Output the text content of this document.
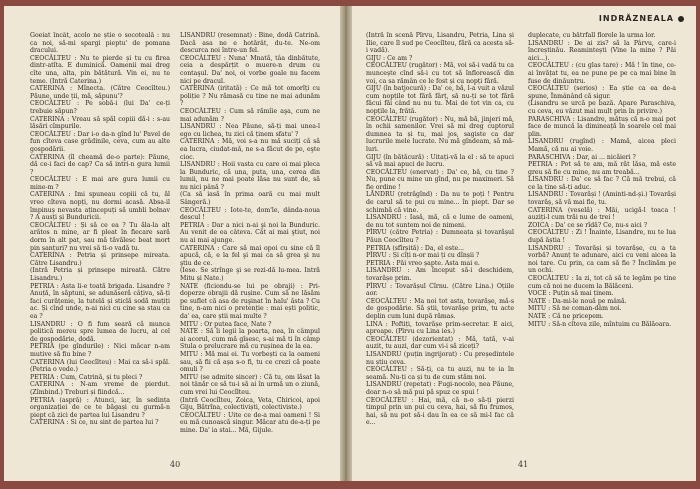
Goeiat încât, acolo ne știe o socoteală : nu ca noi, să-mi spargi pieptu' de pomana dracului.

CEOCÂLTEU : Nu te pierde și tu cu firea dintr-atîta. E duminică. Oamenii mai dreg cîte una, alta, pin bătătură. Vin ei, nu te teme. (Intră Caterina.)

CATERINA : Mînecta. (Către Ceocîlteu.) Păune, unde ții, mă, săpunu'?

CEOCÂLTEU : Pe sobă-i (lui Da' ce-ți trebuie săpun?

CATERINA : Vreau să spăl copiii dă-i : s-au lăsări cîmpurile.

CEOCÂLTEU : Dar i-o da-n gînd lu' Pavel de fun cîteva case grădinile, ceva, cum au alte gospodării.

CATERINA (îl cheamă de-o parte): Păune, dă ce-i faci de cap? Ca să intri-n gura lumii ?

CEOCÂLTEU : E mai are gura lumii cu mine-m ?

CATERINA : Imi spuneau copiii că tu, ăl vreo cîteva nopți, nu dormi acasă. Absa-il împinuș nevasta ațincepuți să umbli bolnav ? A ausți și Bunduricii.

CEOCÂLTEU : Și să ce ea ? Tu ăla-la alt arătos n mine, ar fi pleat în fiecare sară dorm în alt pat, sau mă tăvălesc beat mort pin șanțuri? nu vrei să ti-o vadă tu.

CATERINA : Petria și prinsepe mireata. Către Lisandru.)

(Intră Petria și prinsepe mireată. Către Lisandru.)

PETRIA : Asta li-e toată brigada. Lisandre ? Anuță, în săptuni, se adunăseră câțiva, să-ți faci curățenie, la tutelă și sticlă sodă muțiți ac. Și cînd unde, n-ai nici cu cine sa stau ca ea ?

LISANDRU : O fi fum seară că munca politică mereu spre lumea de lucru, al cel de gospodărie, dodă.

PETRIA (pe gîndurile) : Nici măcar n-am mutive să fiu bine ?

CATERINA (lui Ceocîlteu) : Mai ca să-i spăl. (Petria o vede.)

PETRIA : Cum, Catrină, și tu pleci ?

CATERINA : N-am vreme de pierdut. (Zîmbind.) Treburi și fiindcă...

PETRIA (aspră) : Atunci, iar, în sedința organizației de ce te băgași cu gurmă-n piept că zici de partea lui Lisandru ?

CATERINA : Si ce, nu sint de partea lui ?

LISANDRU (resemnat) : Bine, dodă Catrină. Dacă asa ne e hotărât, du-te. Ne-om descurca noi între-un fel.

CEOCÂLTEU : Nuna' Mnată, tâa dinbătute, ceia a despărțit o muere-n drum cu contaşul. Da' noi, oi vorbe goale nu facem nici pe dracul.

CATERINA (iritată) : Ce mă tot omorîți cu poliție ? Nu rămasă cu tine ne mai adunăm ?

CEOCÂLTEU : Cum să rămîie aşa, cum ne mai adunăm ?

LISANDRU : Nea Păune, să-ți mai unea-l ego cu lichea, tu zici că ținem sfatu' ?

CATERINA : Mă, voi s-a nu mă suciți că să ea lucra, ciudat-mă, ne s-a făcut de pe, eşte cioc.

LISANDRU : Hoii vasta cu care oi mai pleca la Bunduric, că una, puta, una, cerea din lumii, nu ne mai poate lăsa nu sunt de, să nu nici până ?

(Ca să iasă în prima oară cu mai mult Sângeră.)

CEOCÂLTEU : Iote-te, dom'le, dânda-noua descul !

PETRIA : Dar a nici n-ai şi noi la Bunduric. Au venit de ea câteva. Cât ai mai ştiut, noi nu ai mai ajunge.

CATERINA : Care să mai opoi cu sine că îl apucă, că, e la fel şi mai ca să grea şi nu ştiu de ce.

(Iese. Se strînge şi se rezi-dă lu-mea. Intră Mitu și Nate.)

NATE (ficiondu-se lui pe obraji) : Pri-doperze obrajii dă rușine. Cum să ne lăsăm pe suflet că asa de ruşinat în halu' ăsta ? Cu tine, n-am nici o pretenție : mai ești politic, da' ea, care știi mai multe ?

MITU : Or putea face, Nate ?

NATE : Să îi legii la poarta, nea, în câmpul ai acorul, cum mă gîsesc, s-ai mă ti în câmp Stula o prelucrare mă cu rușinea de la ea.

MITU : Mă mai ei. Tu vorbești ca la oameni sau, să fii că așa s-o fi, tu ce crezi că poate omuli ?

MITU (se admite sincer) : Că tu, om lăsat la noi tânăr ce să tu-i să ai în urmă un o ziună, cum vrei lui Ceocîlteu.

(Intră Ceocîlteu, Zoica, Veta, Chiricoi, apoi Giju, Bătrîna, colectiviști, colectiviste.)

CEOCÂLTEU : Uite ce de-a mai oameni ! Si eu mă cunoască singur. Măcar atu de-a-ți pe mine. Da' ia stai... Mă, Gijule.

40
INDRĂZNEALA

(Intră în scenă Pîrvu, Lisandru, Petria, Lina și Ilie, care îl sud pe Ceocîlteu, fără ca acesta să-i vadă).

GIJU : Ce am ?

CEOCÂLTEU (rugător) : Mă, voi să-i vadă tu ca muncește cînd să-i cu tot să înflorească din voi, ca sa rămân ce le fost și cu nopți fără.

GIJU (în batjocură) : Da' ce, bă, l-a vuit a văzul cum nopțile tot fără fârț, să nu-ți se tot fără făcui făi când nu nu tu. Mai de tot vin ca, cu nopțile la, frătă.

CEOCÂLTEU (rugător) : Nu, mă bă, jinjeri mă, în ochii samenilor. Vrei să mi dreg cuptorul dumnea ta și tu, mai jos, sagiste ca dar lucrurile mele lucrate. Nu mă gîndeam, să mă-luri.

GIJU (în bătăcură) : Uitați-vă la el : să te apuci să vă mai apuci de lucru.

CEOCÂLTEU (enervat) : Da' ce, bă, cu tine ? Nu, pune cu mine un gînd, nu pe maximeri. Să fie ordine !

LĂNDRU (retrăgînd) : Da nu te poți ! Pentru de carul să te pui cu mine... în piept. Dar se schimbă că vine.

LISANDRU : Iasă, mă, că e lume de oameni, de nu tot suntem noi de nimeni.

PÎRVU (către Petria) : Dumneata și tovarășul Păun Ceocîlteu ?

PETRIA (sfîrșită) : Da, el este...

PÎRVU : Și cîți n-or mai ți cu dînșii ?

PETRIA : Păi vreo șapte. Asta mai e.

LISANDRU : Am început să-i deschidem, tovarășe prim.

PÎRVU : Tovarășul Cîrnu. (Către Lina.) Oțiile aor.

CEOCÂLTEU : Ma noi tot asta, tovarășe, mă-s de gospodărie. Să știi, tovarășe prim, tu acte deplin cum luni după rămas.

LINA : Poftiți, tovarășe prim-secretar. E aici, aproape. (Pîrvu cu Lina ies.)

CEOCÂLTEU (dezorientat) : Mă, tată, v-ai auzit, tu auzi, dar cum vi-i să ziceți?

LISANDRU (puțin ingrijorat) : Cu președintele nu știu ceva.

CEOCÂLTEU : Să-ți, ca tu auzi, nu te ia în seamă. Nu-ți ca și tu de cum stăm noi.

LISANDRU (repetat) : Fugi-nocolo, nea Păune, doar n-o să mă pui pă spuz ce spui !

CEOCÂLTEU : Hai, mă, că n-o să-ți pierzi timpul prin un pui cu ceva, hai, să fiu frumos, hai, să nu pot să-i dau în ea ce să mi-l fac că e...

duplecate, cu bătrfall florele la urma lor.

LISANDRU : De ai zis? să la Pârvu, care-i încreștinău. Reamintești (Vine la mine ? Păi aici...).

CEOCÂLTEU : (cu glas tare) : Mă ! în tine, ce-ai învățat tu, ea ne pune pe pe ca mai bine în fuse de dinăuntru.

CEOCÂLTEU (serios) : Ea știe ca ea de-a spune, Înmânând că sigur.

(Lisandru se urcă pe bază. Apare Paraschiva, cu ceva, eu văzut mai mult prin în privire.)

PARASCHIVA : Lisandre, mătuș că n-o mai pot face de muncă la dimineață în soarele cel mai plin.

LISANDRU (rugînd) : Mamă, aicea pleci Mamă, că nu ai voie.

PARASCHIVA : Dar, ai ... nicăieri ?

PETRIA : Pot să te am, mă răt lăsa, mă este greu să fie cu mine, nu am treabă...

LISANDRU : Da' ce să fac ? Că mă trebui, că ce la tine să-ți aduc.

LISANDRU : Tovarăși ! (Aminti-nd-și.) Tovarăși tovarăș, să vă mai fie, tu.

CATERINA (veselă) : Măi, ucigă-l toaca ! auziți-l cum trăi nu de trei !

ZOICA : Da' ce se rîdă? Ce, nu-s aici ?

CEOCÂLTEU : Zi ! Înainte, Lisandre, nu te lua după ăștia !

LISANDRU : Tovarăși și tovarășe, cu a ta vorbă? Anunț te adunare, aici cu veni aicea la noi tare. Cu prin, ca cam să fie ? Înclinăm pe un ochi.

CEOCÂLTEU : Ia zi, tot că să te legăm pe tine cum că noi ne ducem la Bălăceni.

VOCE : Puțin să mai ținem.

NATE : Da-mi-le nouă pe mână.

MITU : Să ne coman-dâm noi.

NATE : Că ne pricepem.

MITU : Să-n cîteva zile, mîntuim cu Bălăoara.

41
